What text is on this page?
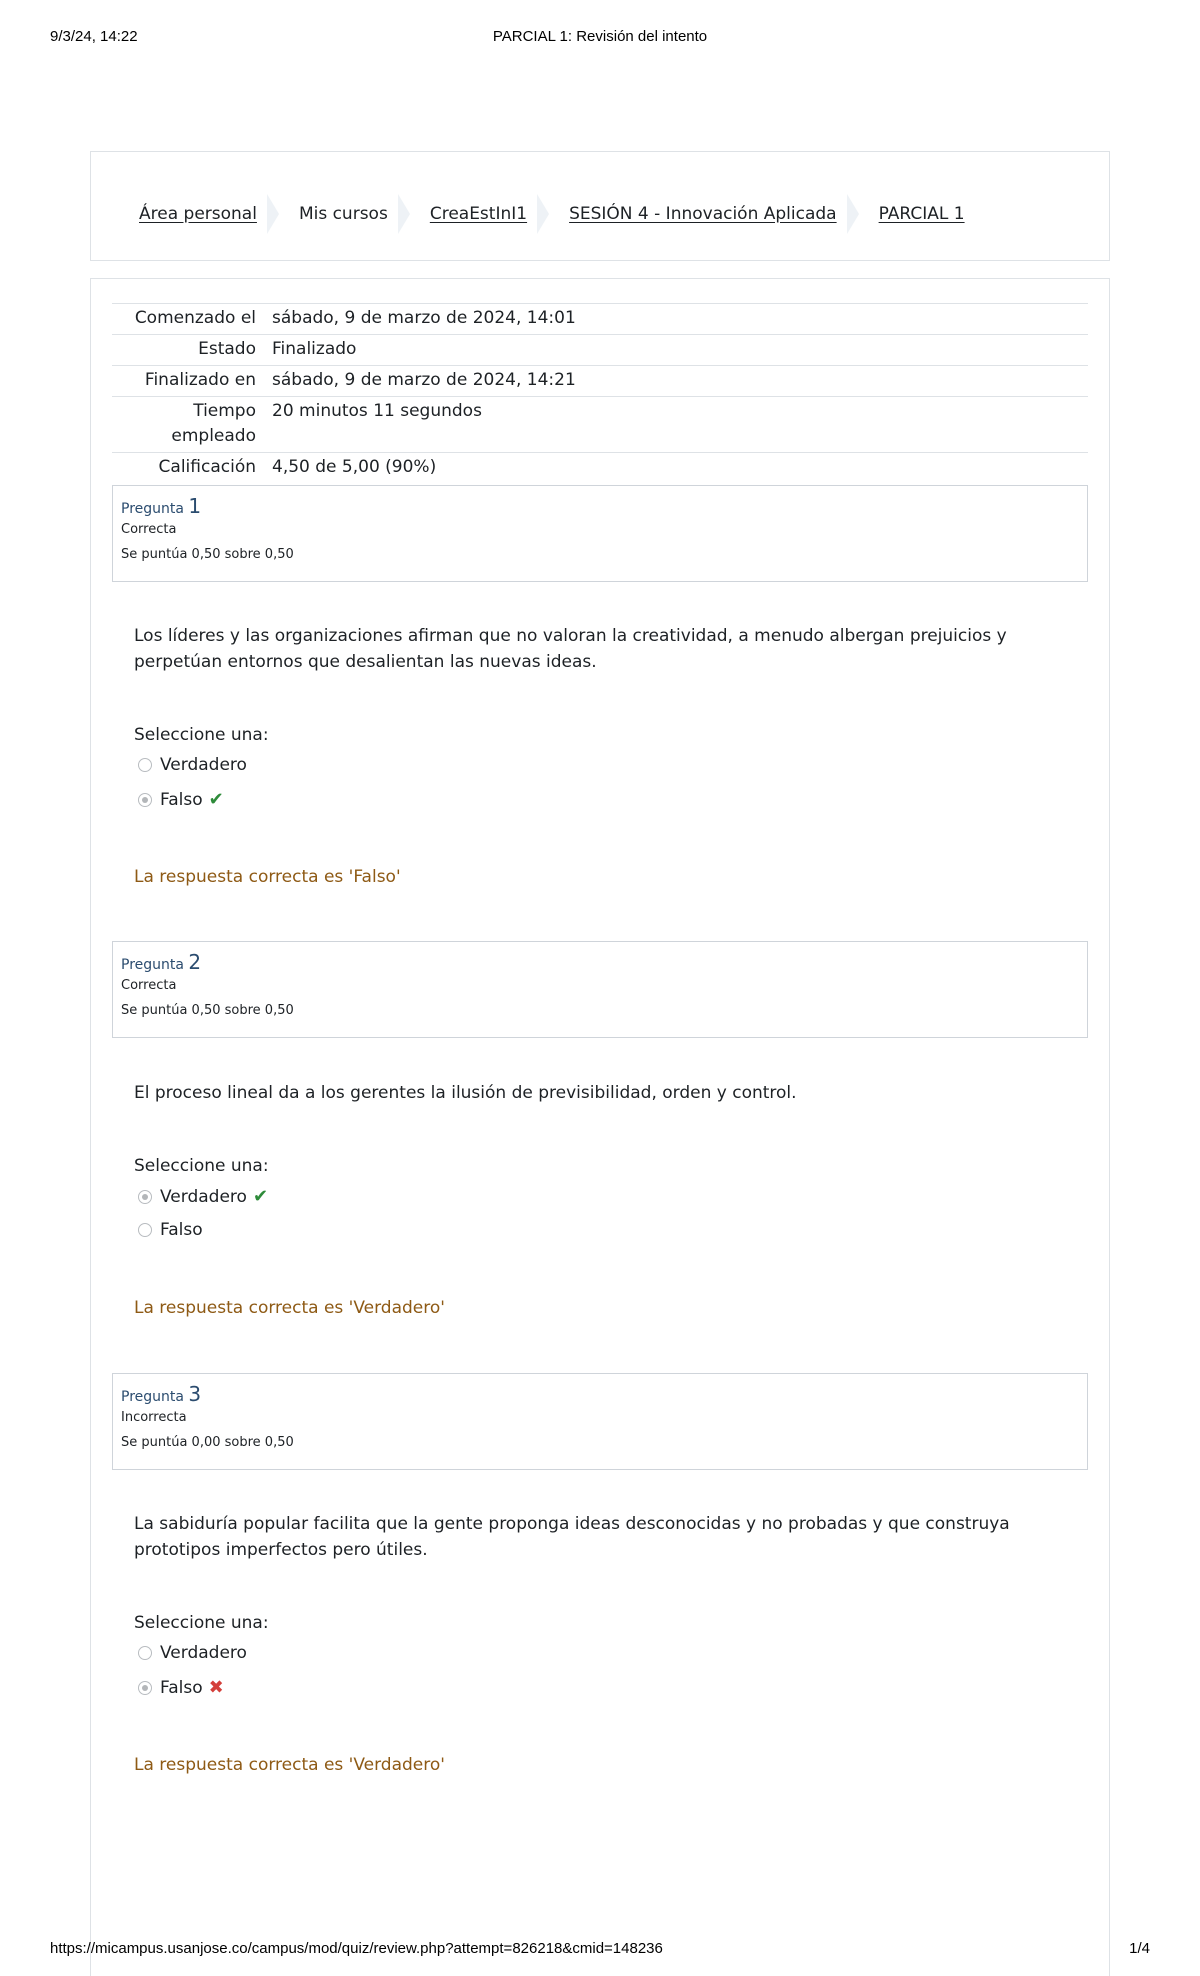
9/3/24, 14:22	PARCIAL 1: Revisión del intento
Área personal Mis cursos CreaEstInI1 SESIÓN 4 - Innovación Aplicada PARCIAL 1
Comenzado el sábado, 9 de marzo de 2024, 14:01
Estado Finalizado
Finalizado en sábado, 9 de marzo de 2024, 14:21
Tiempo
empleado
20 minutos 11 segundos
Calificación 4,50 de 5,00 (90%)
Pregunta 1
Correcta
Se puntúa 0,50 sobre 0,50
Los líderes y las organizaciones afirman que no valoran la creatividad, a menudo albergan prejuicios y perpetúan entornos que desalientan las nuevas ideas.
Seleccione una:
Verdadero
Falso ✔
La respuesta correcta es 'Falso'
Pregunta 2
Correcta
Se puntúa 0,50 sobre 0,50
El proceso lineal da a los gerentes la ilusión de previsibilidad, orden y control.
Seleccione una:
Verdadero ✔
Falso
La respuesta correcta es 'Verdadero'
Pregunta 3
Incorrecta
Se puntúa 0,00 sobre 0,50
La sabiduría popular facilita que la gente proponga ideas desconocidas y no probadas y que construya prototipos imperfectos pero útiles.
Seleccione una:
Verdadero
Falso ✖
La respuesta correcta es 'Verdadero'
https://micampus.usanjose.co/campus/mod/quiz/review.php?attempt=826218&cmid=148236	1/4
